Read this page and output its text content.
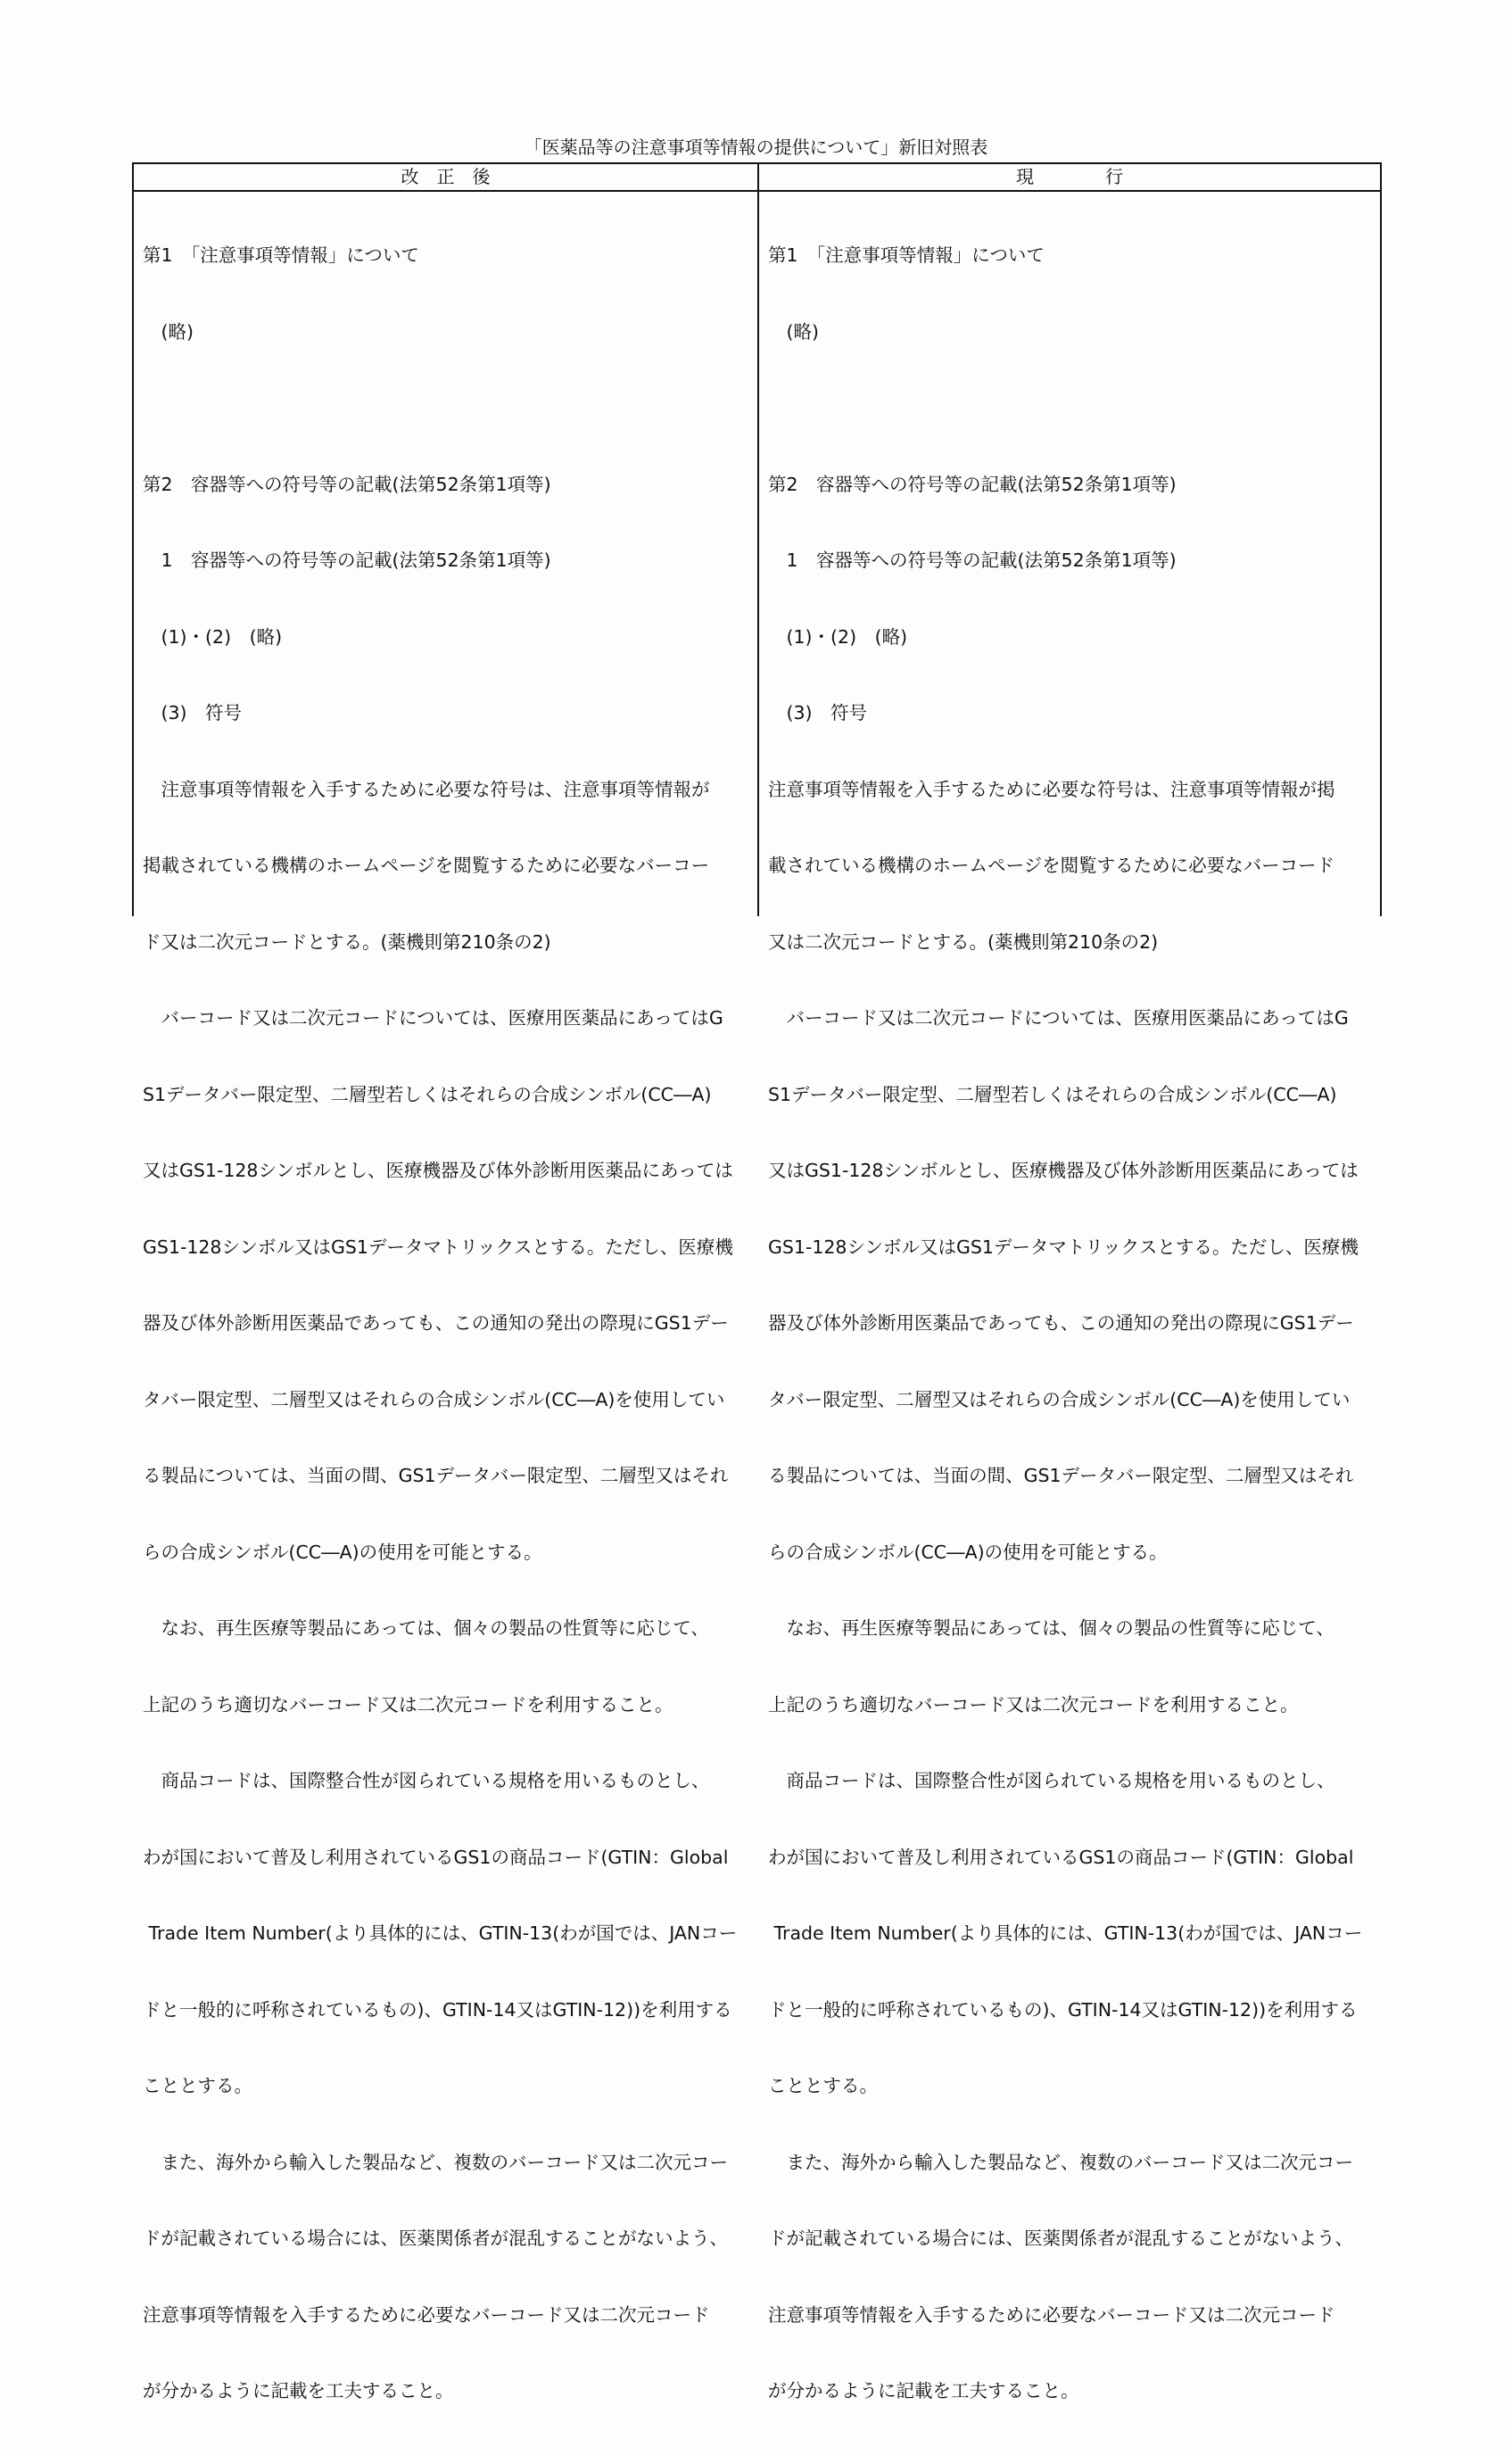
「医薬品等の注意事項等情報の提供について」新旧対照表
改　正　後	現　　　　行

第1　「注意事項等情報」について

　(略)

第2　容器等への符号等の記載(法第52条第1項等)

　1　容器等への符号等の記載(法第52条第1項等)

　(1)・(2)　(略)

　(3)　符号

　注意事項等情報を入手するために必要な符号は、注意事項等情報が

掲載されている機構のホームページを閲覧するために必要なバーコー

ド又は二次元コードとする。(薬機則第210条の2)

　バーコード又は二次元コードについては、医療用医薬品にあってはG

S1データバー限定型、二層型若しくはそれらの合成シンボル(CC―A)

又はGS1-128シンボルとし、医療機器及び体外診断用医薬品にあっては

GS1-128シンボル又はGS1データマトリックスとする。ただし、医療機

器及び体外診断用医薬品であっても、この通知の発出の際現にGS1デー

タバー限定型、二層型又はそれらの合成シンボル(CC―A)を使用してい

る製品については、当面の間、GS1データバー限定型、二層型又はそれ

らの合成シンボル(CC―A)の使用を可能とする。

　なお、再生医療等製品にあっては、個々の製品の性質等に応じて、

上記のうち適切なバーコード又は二次元コードを利用すること。

　商品コードは、国際整合性が図られている規格を用いるものとし、

わが国において普及し利用されているGS1の商品コード(GTIN：Global

Trade Item Number(より具体的には、GTIN-13(わが国では、JANコー

ドと一般的に呼称されているもの)、GTIN-14又はGTIN-12))を利用する

こととする。

　また、海外から輸入した製品など、複数のバーコード又は二次元コー

ドが記載されている場合には、医薬関係者が混乱することがないよう、

注意事項等情報を入手するために必要なバーコード又は二次元コード

が分かるように記載を工夫すること。

第1　「注意事項等情報」について

　(略)

第2　容器等への符号等の記載(法第52条第1項等)

　1　容器等への符号等の記載(法第52条第1項等)

　(1)・(2)　(略)

　(3)　符号

注意事項等情報を入手するために必要な符号は、注意事項等情報が掲

載されている機構のホームページを閲覧するために必要なバーコード

又は二次元コードとする。(薬機則第210条の2)

　バーコード又は二次元コードについては、医療用医薬品にあってはG

S1データバー限定型、二層型若しくはそれらの合成シンボル(CC―A)

又はGS1-128シンボルとし、医療機器及び体外診断用医薬品にあっては

GS1-128シンボル又はGS1データマトリックスとする。ただし、医療機

器及び体外診断用医薬品であっても、この通知の発出の際現にGS1デー

タバー限定型、二層型又はそれらの合成シンボル(CC―A)を使用してい

る製品については、当面の間、GS1データバー限定型、二層型又はそれ

らの合成シンボル(CC―A)の使用を可能とする。

　なお、再生医療等製品にあっては、個々の製品の性質等に応じて、

上記のうち適切なバーコード又は二次元コードを利用すること。

　商品コードは、国際整合性が図られている規格を用いるものとし、

わが国において普及し利用されているGS1の商品コード(GTIN：Global

Trade Item Number(より具体的には、GTIN-13(わが国では、JANコー

ドと一般的に呼称されているもの)、GTIN-14又はGTIN-12))を利用する

こととする。

　また、海外から輸入した製品など、複数のバーコード又は二次元コー

ドが記載されている場合には、医薬関係者が混乱することがないよう、

注意事項等情報を入手するために必要なバーコード又は二次元コード

が分かるように記載を工夫すること。
